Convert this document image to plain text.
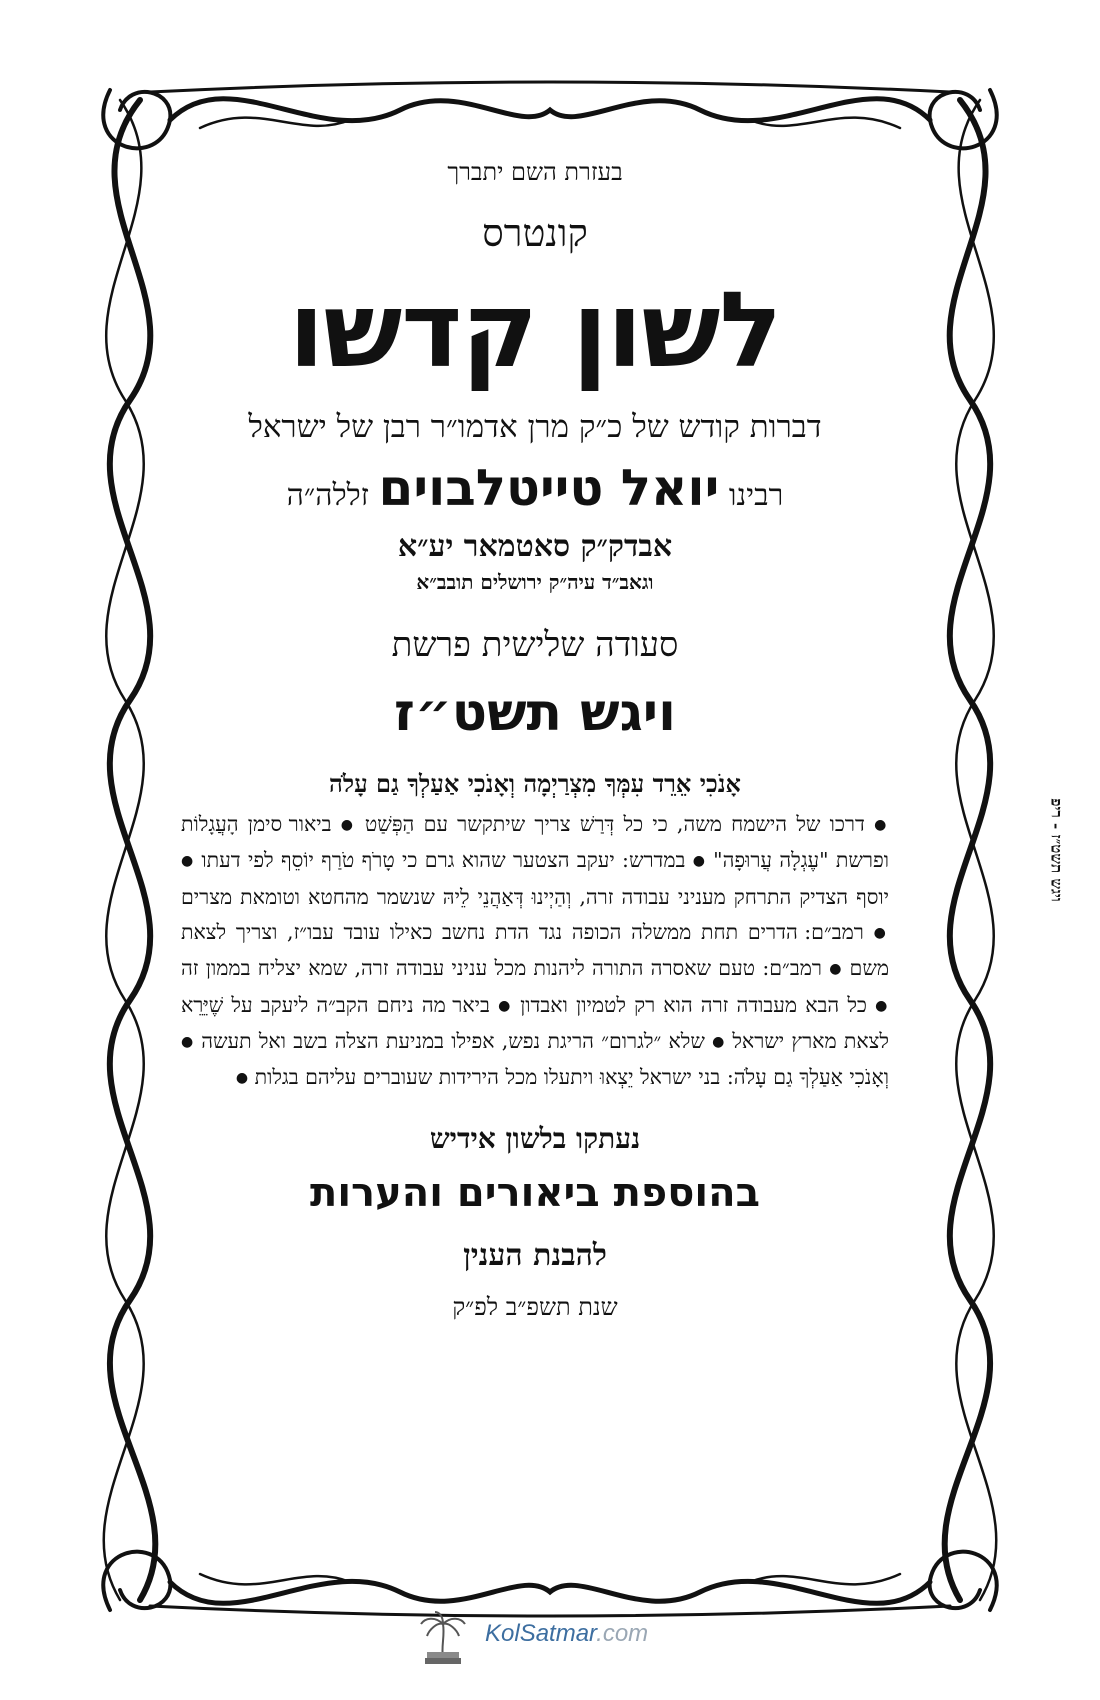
בעזרת השם יתברך

קונטרס

לשון קדשו

דברות קודש של כ״ק מרן אדמו״ר רבן של ישראל

רבינו יואל טייטלבוים זללה״ה

אבדק״ק סאטמאר יע״א

וגאב״ד עיה״ק ירושלים תובב״א

סעודה שלישית פרשת

ויגש תשט״ז

אָנֹכִי אֵרֵד עִמְּךָ מִצְרַיְמָה וְאָנֹכִי אַעַלְךָ גַם עָלֹה

● דרכו של הישמח משה, כי כל דְּרַשׁ צריך שיתקשר עם הַפְּשַׁט ● ביאור סימן הָעֲגָלוֹת ופרשת "עֶגְלָה עֲרוּפָה" ● במדרש: יעקב הצטער שהוא גרם כי טָרֹף טֹרַף יוֹסֵף לפי דעתו ● יוסף הצדיק התרחק מעניני עבודה זרה, וְהַיְינוּ דְּאַהֲנֵי לֵיהּ שנשמר מהחטא וטומאת מצרים ● רמב״ם: הדרים תחת ממשלה הכופה נגד הדת נחשב כאילו עובד עבו״ז, וצריך לצאת משם ● רמב״ם: טעם שאסרה התורה ליהנות מכל עניני עבודה זרה, שמא יצליח בממון זה ● כל הבא מעבודה זרה הוא רק לטמיון ואבדון ● ביאר מה ניחם הקב״ה ליעקב על שֶׁיֵּרֵא לצאת מארץ ישראל ● שלא ״לגרום״ הריגת נפש, אפילו במניעת הצלה בשב ואל תעשה ● וְאָנֹכִי אַעַלְךָ גַם עָלֹה: בני ישראל יֵצְאוּ ויתעלו מכל הירידות שעוברים עליהם בגלות ●

נעתקו בלשון אידיש

בהוספת ביאורים והערות

להבנת הענין

שנת תשפ״ב לפ״ק

ויגש תשט״ז - ריפ
KolSatmar.com
